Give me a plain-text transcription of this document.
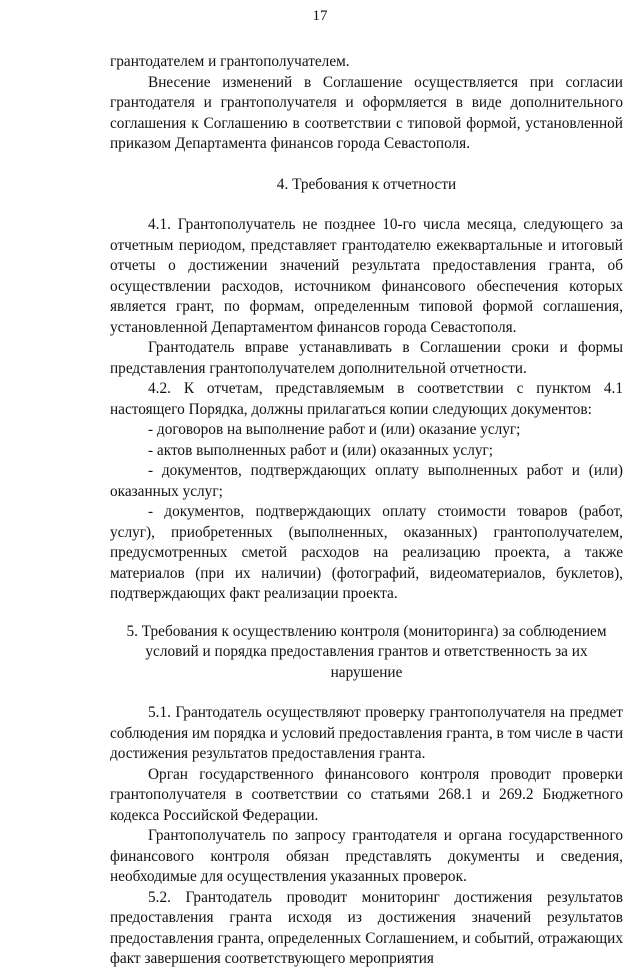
17

грантодателем и грантополучателем.

Внесение изменений в Соглашение осуществляется при согласии грантодателя и грантополучателя и оформляется в виде дополнительного соглашения к Соглашению в соответствии с типовой формой, установленной приказом Департамента финансов города Севастополя.

4. Требования к отчетности

4.1. Грантополучатель не позднее 10-го числа месяца, следующего за отчетным периодом, представляет грантодателю ежеквартальные и итоговый отчеты о достижении значений результата предоставления гранта, об осуществлении расходов, источником финансового обеспечения которых является грант, по формам, определенным типовой формой соглашения, установленной Департаментом финансов города Севастополя.

Грантодатель вправе устанавливать в Соглашении сроки и формы представления грантополучателем дополнительной отчетности.

4.2. К отчетам, представляемым в соответствии с пунктом 4.1 настоящего Порядка, должны прилагаться копии следующих документов:

- договоров на выполнение работ и (или) оказание услуг;

- актов выполненных работ и (или) оказанных услуг;

- документов, подтверждающих оплату выполненных работ и (или) оказанных услуг;

- документов, подтверждающих оплату стоимости товаров (работ, услуг), приобретенных (выполненных, оказанных) грантополучателем, предусмотренных сметой расходов на реализацию проекта, а также материалов (при их наличии) (фотографий, видеоматериалов, буклетов), подтверждающих факт реализации проекта.

5. Требования к осуществлению контроля (мониторинга) за соблюдением условий и порядка предоставления грантов и ответственность за их нарушение

5.1. Грантодатель осуществляют проверку грантополучателя на предмет соблюдения им порядка и условий предоставления гранта, в том числе в части достижения результатов предоставления гранта.

Орган государственного финансового контроля проводит проверки грантополучателя в соответствии со статьями 268.1 и 269.2 Бюджетного кодекса Российской Федерации.

Грантополучатель по запросу грантодателя и органа государственного финансового контроля обязан представлять документы и сведения, необходимые для осуществления указанных проверок.

5.2. Грантодатель проводит мониторинг достижения результатов предоставления гранта исходя из достижения значений результатов предоставления гранта, определенных Соглашением, и событий, отражающих факт завершения соответствующего мероприятия
